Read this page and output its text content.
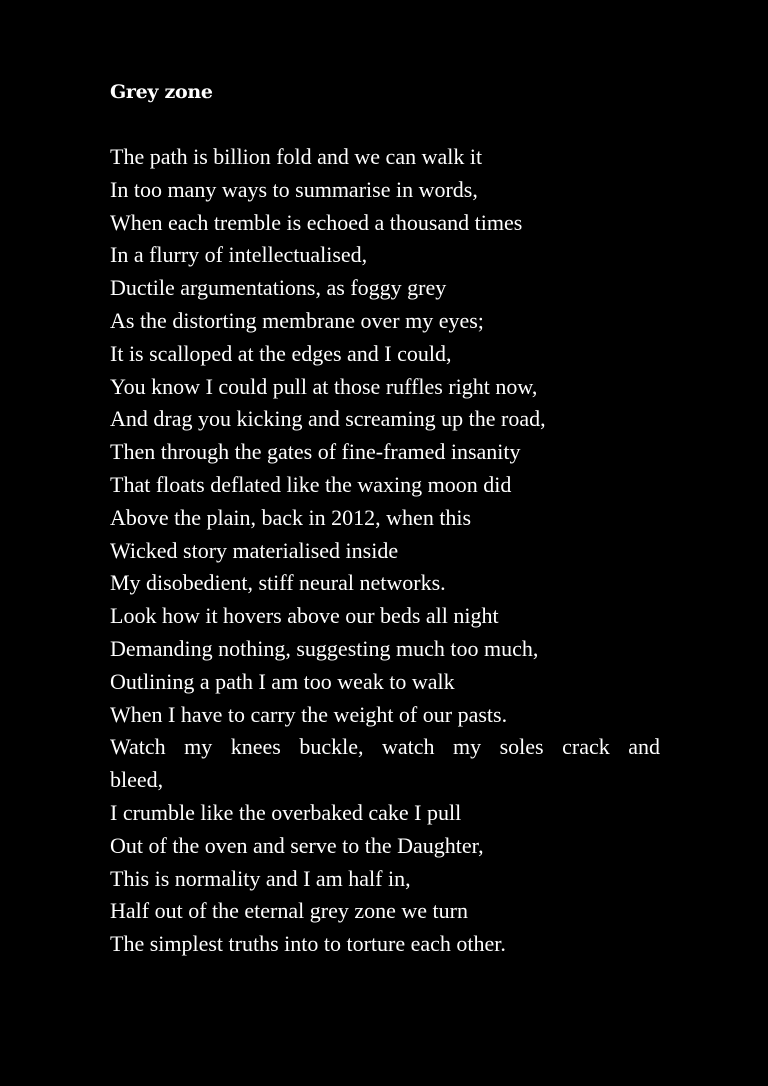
Grey zone
The path is billion fold and we can walk it
In too many ways to summarise in words,
When each tremble is echoed a thousand times
In a flurry of intellectualised,
Ductile argumentations, as foggy grey
As the distorting membrane over my eyes;
It is scalloped at the edges and I could,
You know I could pull at those ruffles right now,
And drag you kicking and screaming up the road,
Then through the gates of fine-framed insanity
That floats deflated like the waxing moon did
Above the plain, back in 2012, when this
Wicked story materialised inside
My disobedient, stiff neural networks.
Look how it hovers above our beds all night
Demanding nothing, suggesting much too much,
Outlining a path I am too weak to walk
When I have to carry the weight of our pasts.
Watch my knees buckle, watch my soles crack and
bleed,
I crumble like the overbaked cake I pull
Out of the oven and serve to the Daughter,
This is normality and I am half in,
Half out of the eternal grey zone we turn
The simplest truths into to torture each other.
